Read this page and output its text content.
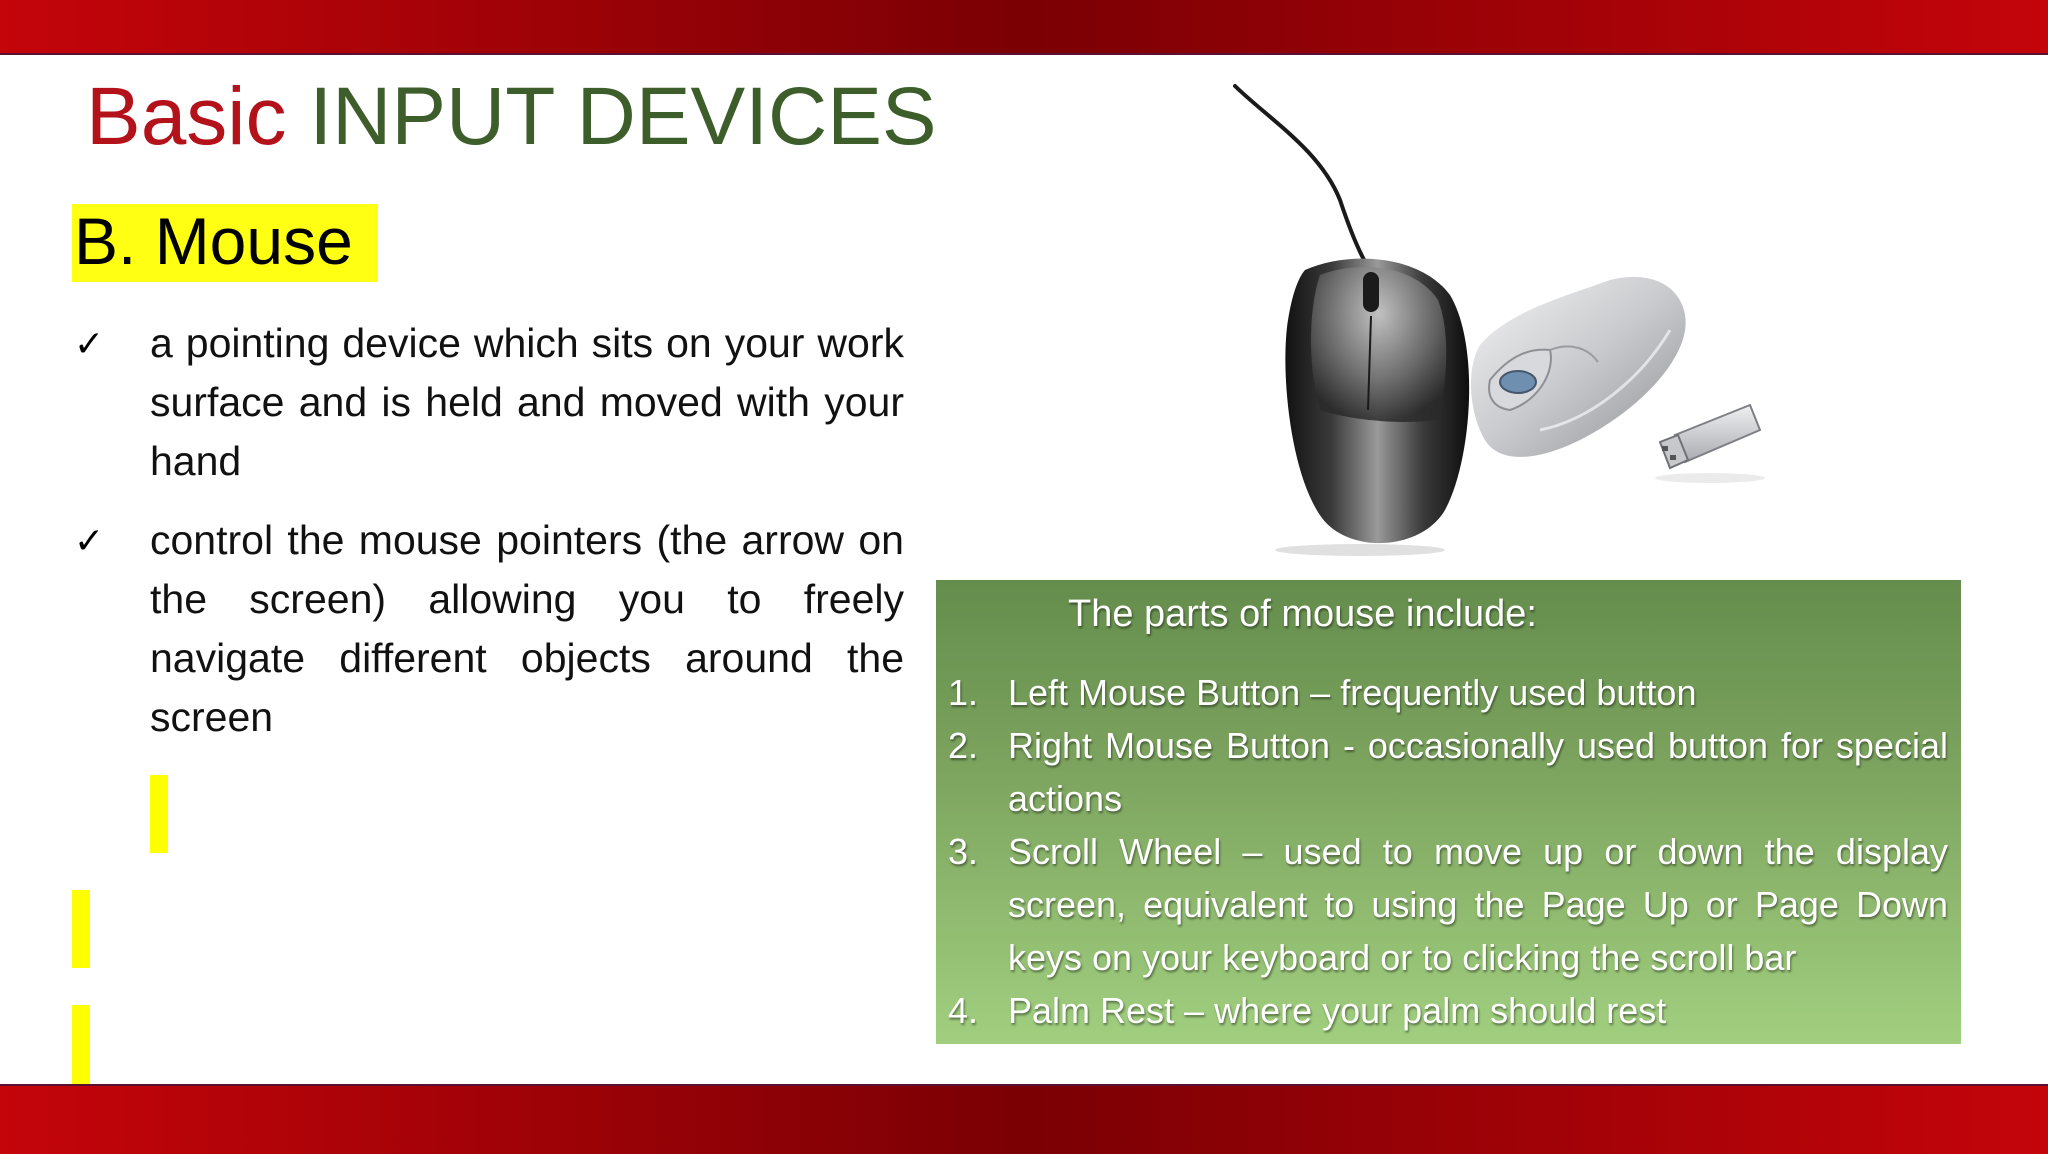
Basic INPUT DEVICES
B. Mouse
✓ a pointing device which sits on your work surface and is held and moved with your hand
✓ control the mouse pointers (the arrow on the screen) allowing you to freely navigate different objects around the screen
The parts of mouse include:
1. Left Mouse Button – frequently used button
2. Right Mouse Button - occasionally used button for special actions
3. Scroll Wheel – used to move up or down the display screen, equivalent to using the Page Up or Page Down keys on your keyboard or to clicking the scroll bar
4. Palm Rest – where your palm should rest
